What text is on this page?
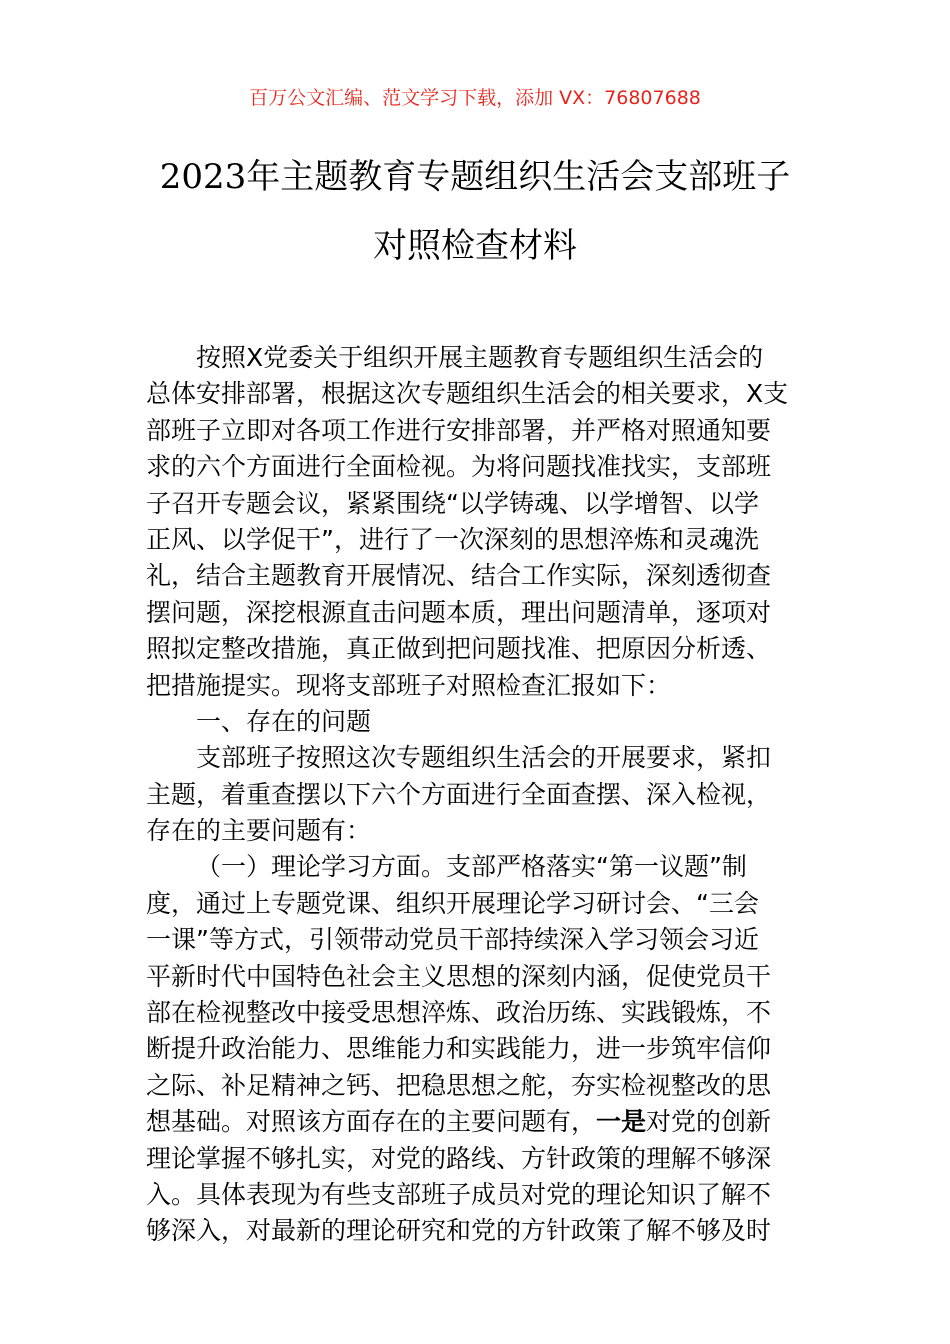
百万公文汇编、范文学习下载，添加 VX：76807688
2023年主题教育专题组织生活会支部班子
对照检查材料
按照X党委关于组织开展主题教育专题组织生活会的
总体安排部署，根据这次专题组织生活会的相关要求，X支
部班子立即对各项工作进行安排部署，并严格对照通知要
求的六个方面进行全面检视。为将问题找准找实，支部班
子召开专题会议，紧紧围绕“以学铸魂、以学增智、以学
正风、以学促干”，进行了一次深刻的思想淬炼和灵魂洗
礼，结合主题教育开展情况、结合工作实际，深刻透彻查
摆问题，深挖根源直击问题本质，理出问题清单，逐项对
照拟定整改措施，真正做到把问题找准、把原因分析透、
把措施提实。现将支部班子对照检查汇报如下：
一、存在的问题
支部班子按照这次专题组织生活会的开展要求，紧扣
主题，着重查摆以下六个方面进行全面查摆、深入检视，
存在的主要问题有：
（一）理论学习方面。支部严格落实“第一议题”制
度，通过上专题党课、组织开展理论学习研讨会、“三会
一课”等方式，引领带动党员干部持续深入学习领会习近
平新时代中国特色社会主义思想的深刻内涵，促使党员干
部在检视整改中接受思想淬炼、政治历练、实践锻炼，不
断提升政治能力、思维能力和实践能力，进一步筑牢信仰
之际、补足精神之钙、把稳思想之舵，夯实检视整改的思
想基础。对照该方面存在的主要问题有，一是对党的创新
理论掌握不够扎实，对党的路线、方针政策的理解不够深
入。具体表现为有些支部班子成员对党的理论知识了解不
够深入，对最新的理论研究和党的方针政策了解不够及时
